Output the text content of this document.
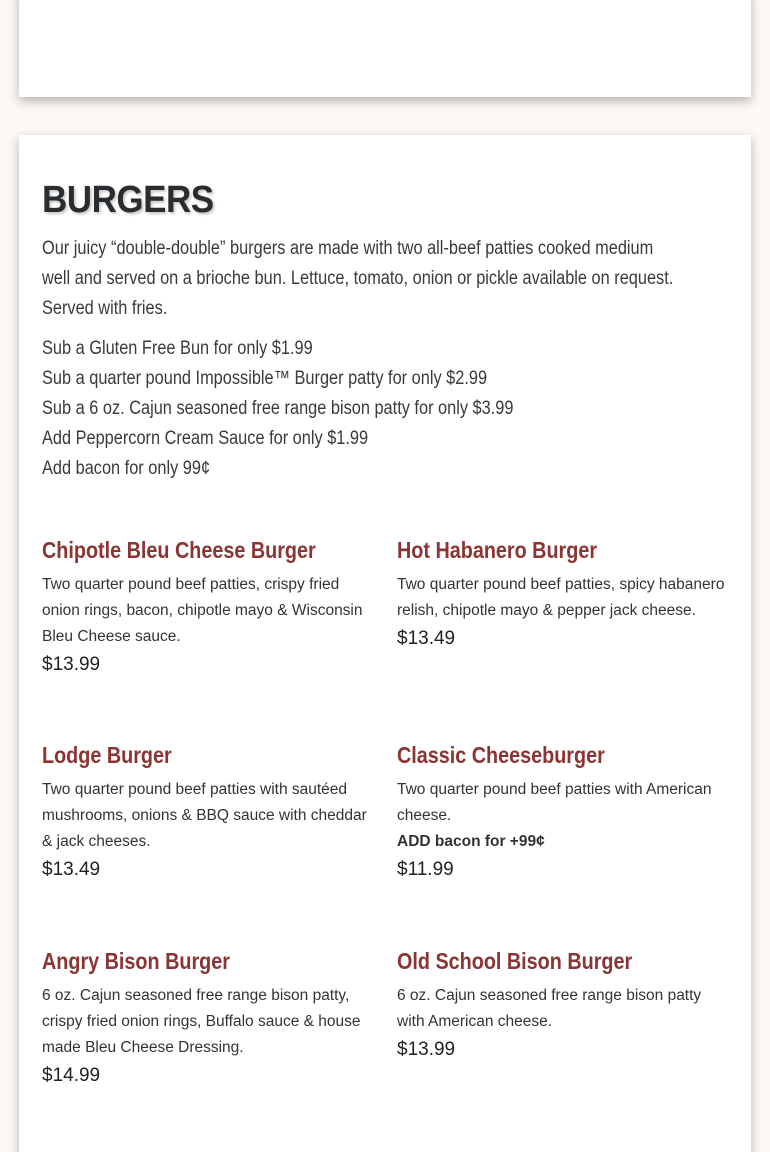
BURGERS

Our juicy “double-double” burgers are made with two all-beef patties cooked medium well and served on a brioche bun. Lettuce, tomato, onion or pickle available on request. Served with fries.

Sub a Gluten Free Bun for only $1.99
Sub a quarter pound Impossible™ Burger patty for only $2.99
Sub a 6 oz. Cajun seasoned free range bison patty for only $3.99
Add Peppercorn Cream Sauce for only $1.99
Add bacon for only 99¢
Chipotle Bleu Cheese Burger
Two quarter pound beef patties, crispy fried onion rings, bacon, chipotle mayo & Wisconsin Bleu Cheese sauce.
$13.99
Hot Habanero Burger
Two quarter pound beef patties, spicy habanero relish, chipotle mayo & pepper jack cheese.
$13.49
Lodge Burger
Two quarter pound beef patties with sautéed mushrooms, onions & BBQ sauce with cheddar & jack cheeses.
$13.49
Classic Cheeseburger
Two quarter pound beef patties with American cheese.
ADD bacon for +99¢
$11.99
Angry Bison Burger
6 oz. Cajun seasoned free range bison patty, crispy fried onion rings, Buffalo sauce & house made Bleu Cheese Dressing.
$14.99
Old School Bison Burger
6 oz. Cajun seasoned free range bison patty with American cheese.
$13.99
